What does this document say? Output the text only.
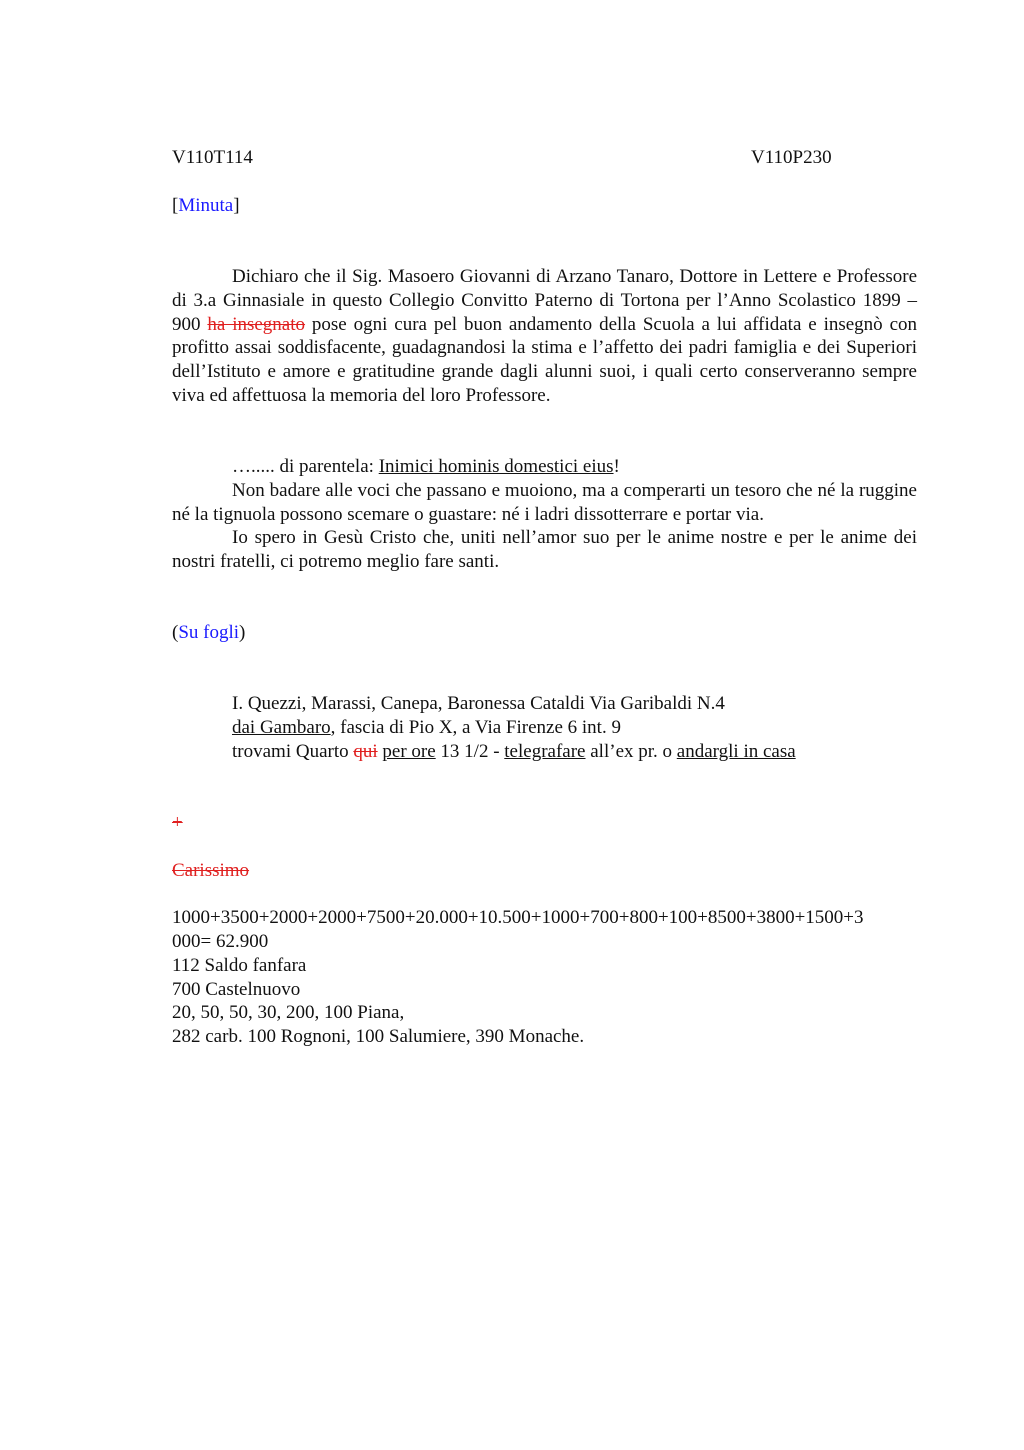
V110T114	V110P230
[Minuta]
Dichiaro che il Sig. Masoero Giovanni di Arzano Tanaro, Dottore in Lettere e Professore di 3.a Ginnasiale in questo Collegio Convitto Paterno di Tortona per l’Anno Scolastico 1899 – 900 ha insegnato pose ogni cura pel buon andamento della Scuola a lui affidata e insegnò con profitto assai soddisfacente, guadagnandosi la stima e l’affetto dei padri famiglia e dei Superiori dell’Istituto e amore e gratitudine grande dagli alunni suoi, i quali certo conserveranno sempre viva ed affettuosa la memoria del loro Professore.
…..... di parentela: Inimici hominis domestici eius!
Non badare alle voci che passano e muoiono, ma a comperarti un tesoro che né la ruggine né la tignuola possono scemare o guastare: né i ladri dissotterrare e portar via.
Io spero in Gesù Cristo che, uniti nell’amor suo per le anime nostre e per le anime dei nostri fratelli, ci potremo meglio fare santi.
(Su fogli)
I. Quezzi, Marassi, Canepa, Baronessa Cataldi Via Garibaldi N.4
dai Gambaro, fascia di Pio X, a Via Firenze 6 int. 9
trovami Quarto qui per ore 13 1/2 - telegrafare all’ex pr. o andargli in casa
+
Carissimo
1000+3500+2000+2000+7500+20.000+10.500+1000+700+800+100+8500+3800+1500+3
000= 62.900
112 Saldo fanfara
700 Castelnuovo
20, 50, 50, 30, 200, 100 Piana,
282 carb. 100 Rognoni, 100 Salumiere, 390 Monache.
